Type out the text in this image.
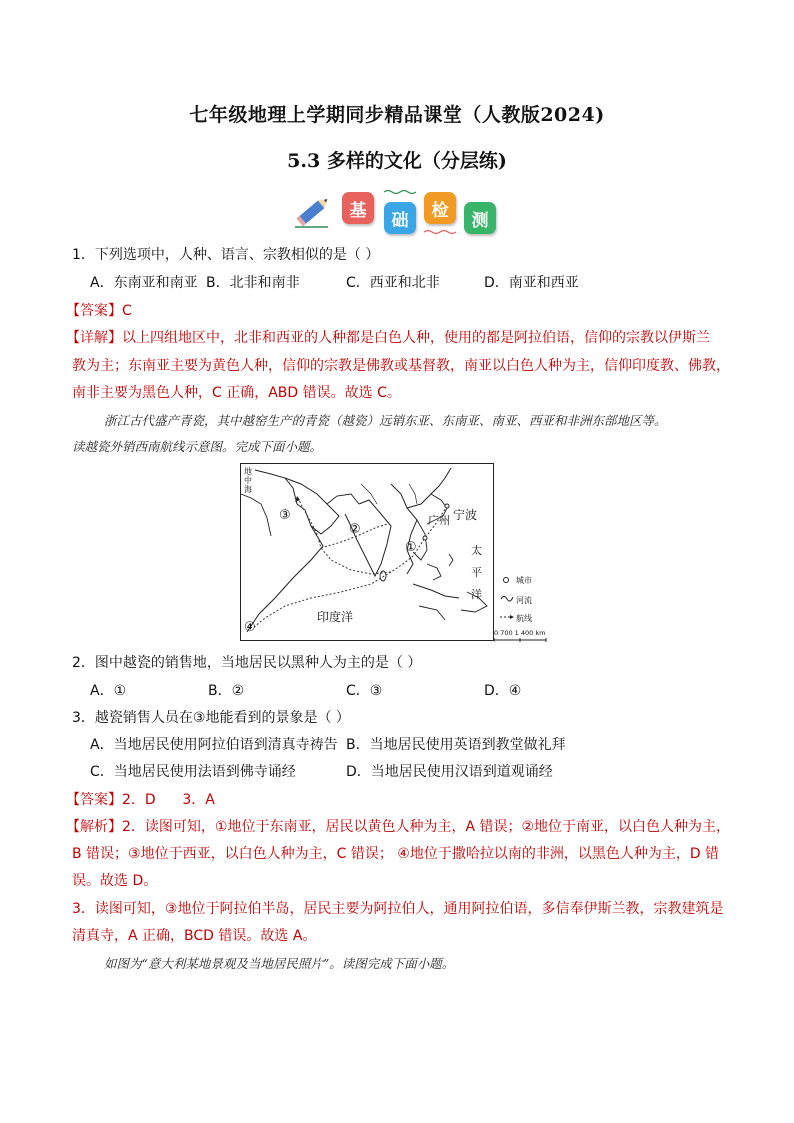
七年级地理上学期同步精品课堂（人教版2024)
5.3 多样的文化（分层练)
基	础	检	测
1．下列选项中，人种、语言、宗教相似的是（ ）
A．东南亚和南亚 B．北非和南非	C．西亚和北非	D．南亚和西亚
【答案】C
【详解】以上四组地区中，北非和西亚的人种都是白色人种，使用的都是阿拉伯语，信仰的宗教以伊斯兰
教为主；东南亚主要为黄色人种，信仰的宗教是佛教或基督教，南亚以白色人种为主，信仰印度教、佛教，
南非主要为黑色人种，C 正确，ABD 错误。故选 C。
浙江古代盛产青瓷，其中越窑生产的青瓷（越瓷）远销东亚、东南亚、南亚、西亚和非洲东部地区等。
读越瓷外销西南航线示意图。完成下面小题。
地
中
海
广州 宁波
太
平
洋
印度洋
①
②
③
④
城市
河流
航线
0 700 1 400 km
2．图中越瓷的销售地，当地居民以黑种人为主的是（ ）
A．①	B．②	C．③	D．④
3．越瓷销售人员在③地能看到的景象是（ ）
A．当地居民使用阿拉伯语到清真寺祷告 B．当地居民使用英语到教堂做礼拜
C．当地居民使用法语到佛寺诵经	D．当地居民使用汉语到道观诵经
【答案】2．D      3．A
【解析】2．读图可知，①地位于东南亚，居民以黄色人种为主，A 错误；②地位于南亚，以白色人种为主，
B 错误；③地位于西亚，以白色人种为主，C 错误； ④地位于撒哈拉以南的非洲，以黑色人种为主，D 错
误。故选 D。
3．读图可知，③地位于阿拉伯半岛，居民主要为阿拉伯人，通用阿拉伯语，多信奉伊斯兰教，宗教建筑是
清真寺，A 正确，BCD 错误。故选 A。
如图为“意大利某地景观及当地居民照片”。读图完成下面小题。
